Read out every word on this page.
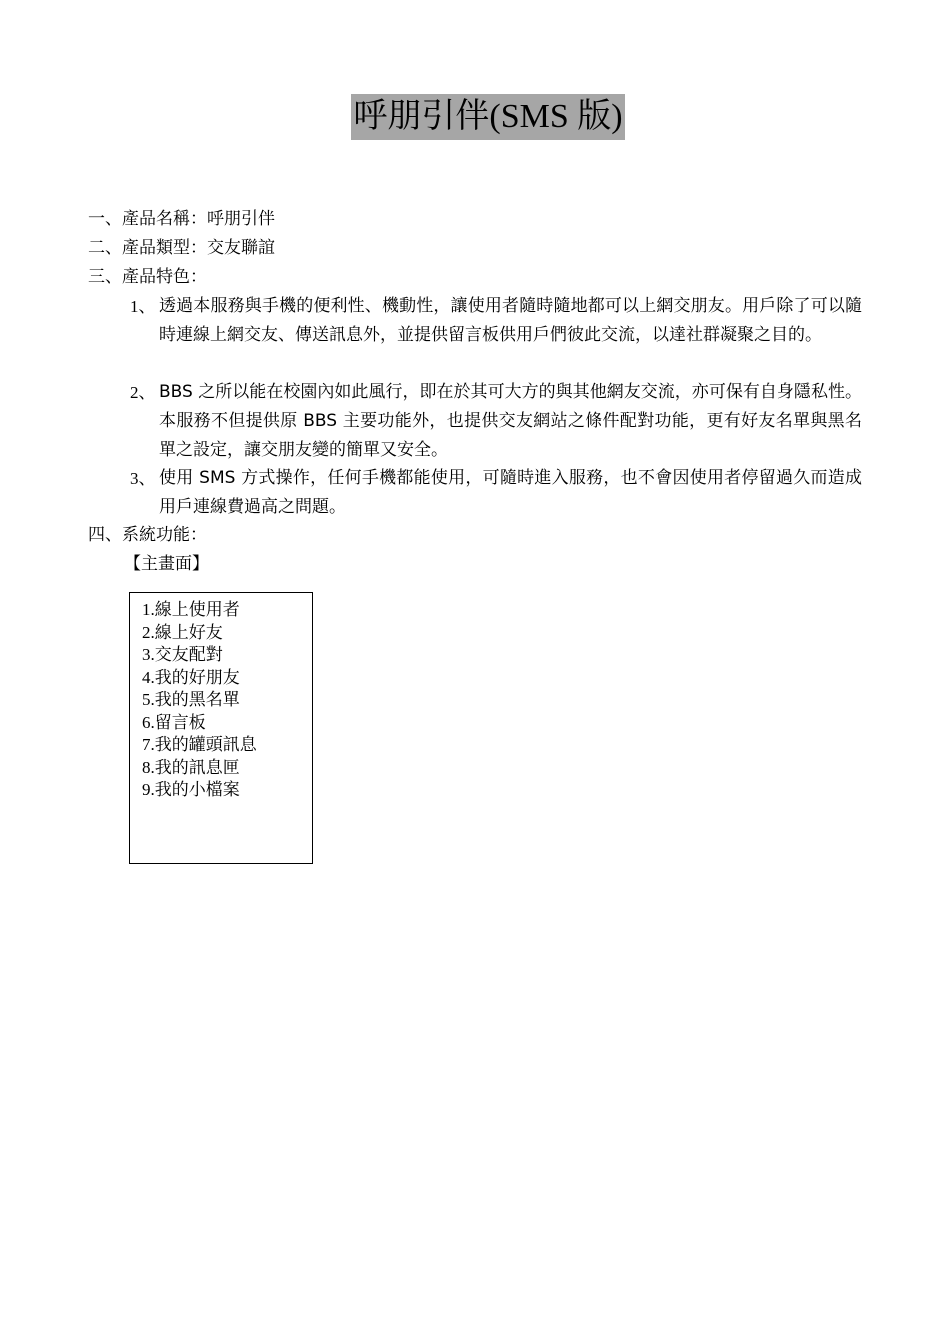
呼朋引伴(SMS 版)
一、產品名稱：呼朋引伴
二、產品類型：交友聯誼
三、產品特色：
1、 透過本服務與手機的便利性、機動性，讓使用者隨時隨地都可以上網交朋友。用戶除了可以隨時連線上網交友、傳送訊息外，並提供留言板供用戶們彼此交流，以達社群凝聚之目的。
2、 BBS 之所以能在校園內如此風行，即在於其可大方的與其他網友交流，亦可保有自身隱私性。本服務不但提供原 BBS 主要功能外，也提供交友網站之條件配對功能，更有好友名單與黑名單之設定，讓交朋友變的簡單又安全。
3、 使用 SMS 方式操作，任何手機都能使用，可隨時進入服務，也不會因使用者停留過久而造成用戶連線費過高之問題。
四、系統功能：
【主畫面】
1.線上使用者
2.線上好友
3.交友配對
4.我的好朋友
5.我的黑名單
6.留言板
7.我的罐頭訊息
8.我的訊息匣
9.我的小檔案
